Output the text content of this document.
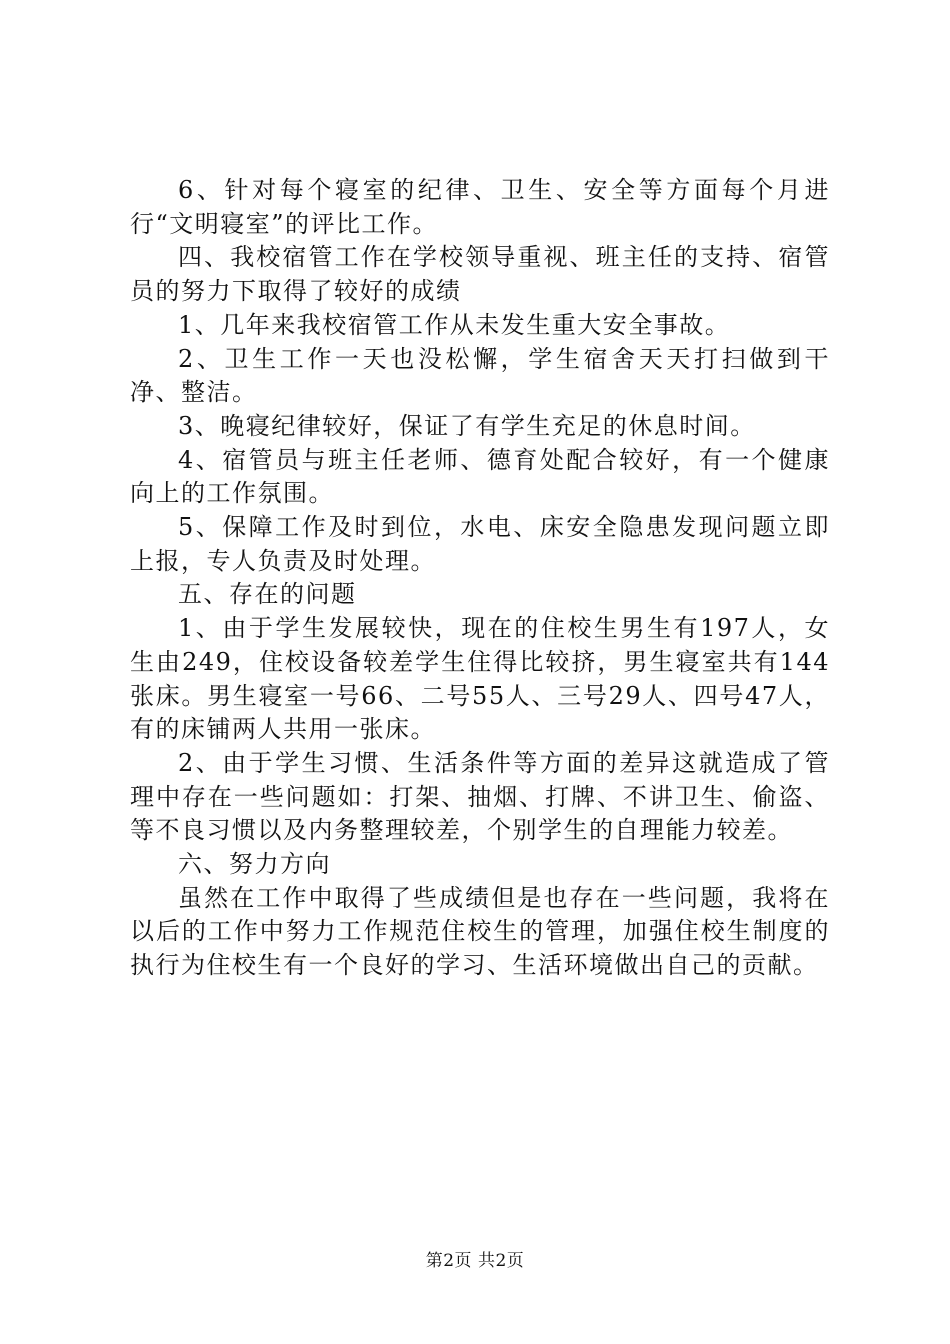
6、针对每个寝室的纪律、卫生、安全等方面每个月进行“文明寝室”的评比工作。

四、我校宿管工作在学校领导重视、班主任的支持、宿管员的努力下取得了较好的成绩

1、几年来我校宿管工作从未发生重大安全事故。

2、卫生工作一天也没松懈，学生宿舍天天打扫做到干净、整洁。

3、晚寝纪律较好，保证了有学生充足的休息时间。

4、宿管员与班主任老师、德育处配合较好，有一个健康向上的工作氛围。

5、保障工作及时到位，水电、床安全隐患发现问题立即上报，专人负责及时处理。

五、存在的问题

1、由于学生发展较快，现在的住校生男生有197人，女生由249，住校设备较差学生住得比较挤，男生寝室共有144张床。男生寝室一号66、二号55人、三号29人、四号47人，有的床铺两人共用一张床。

2、由于学生习惯、生活条件等方面的差异这就造成了管理中存在一些问题如：打架、抽烟、打牌、不讲卫生、偷盗、等不良习惯以及内务整理较差，个别学生的自理能力较差。

六、努力方向

虽然在工作中取得了些成绩但是也存在一些问题，我将在以后的工作中努力工作规范住校生的管理，加强住校生制度的执行为住校生有一个良好的学习、生活环境做出自己的贡献。

第2页 共2页
